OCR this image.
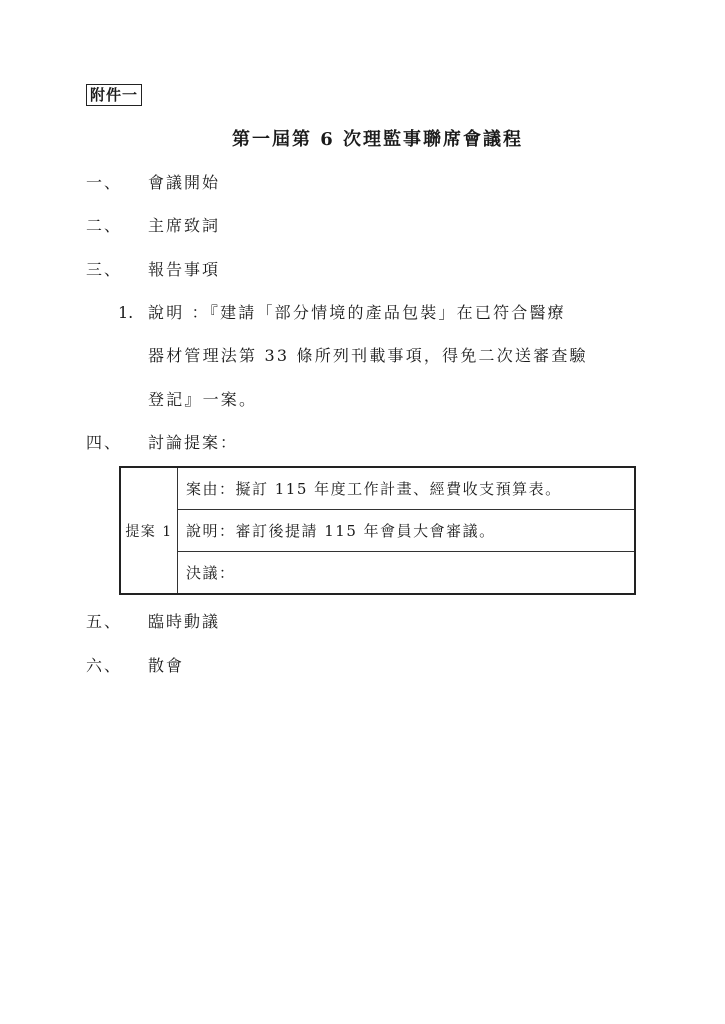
附件一
第一屆第 6 次理監事聯席會議程
一、 會議開始
二、 主席致詞
三、 報告事項
1. 說明 ：『建請「部分情境的產品包裝」在已符合醫療
器材管理法第 33 條所列刊載事項，得免二次送審查驗
登記』一案。
四、 討論提案：
提案 1	案由：擬訂 115 年度工作計畫、經費收支預算表。
說明：審訂後提請 115 年會員大會審議。
決議：
五、 臨時動議
六、 散會
